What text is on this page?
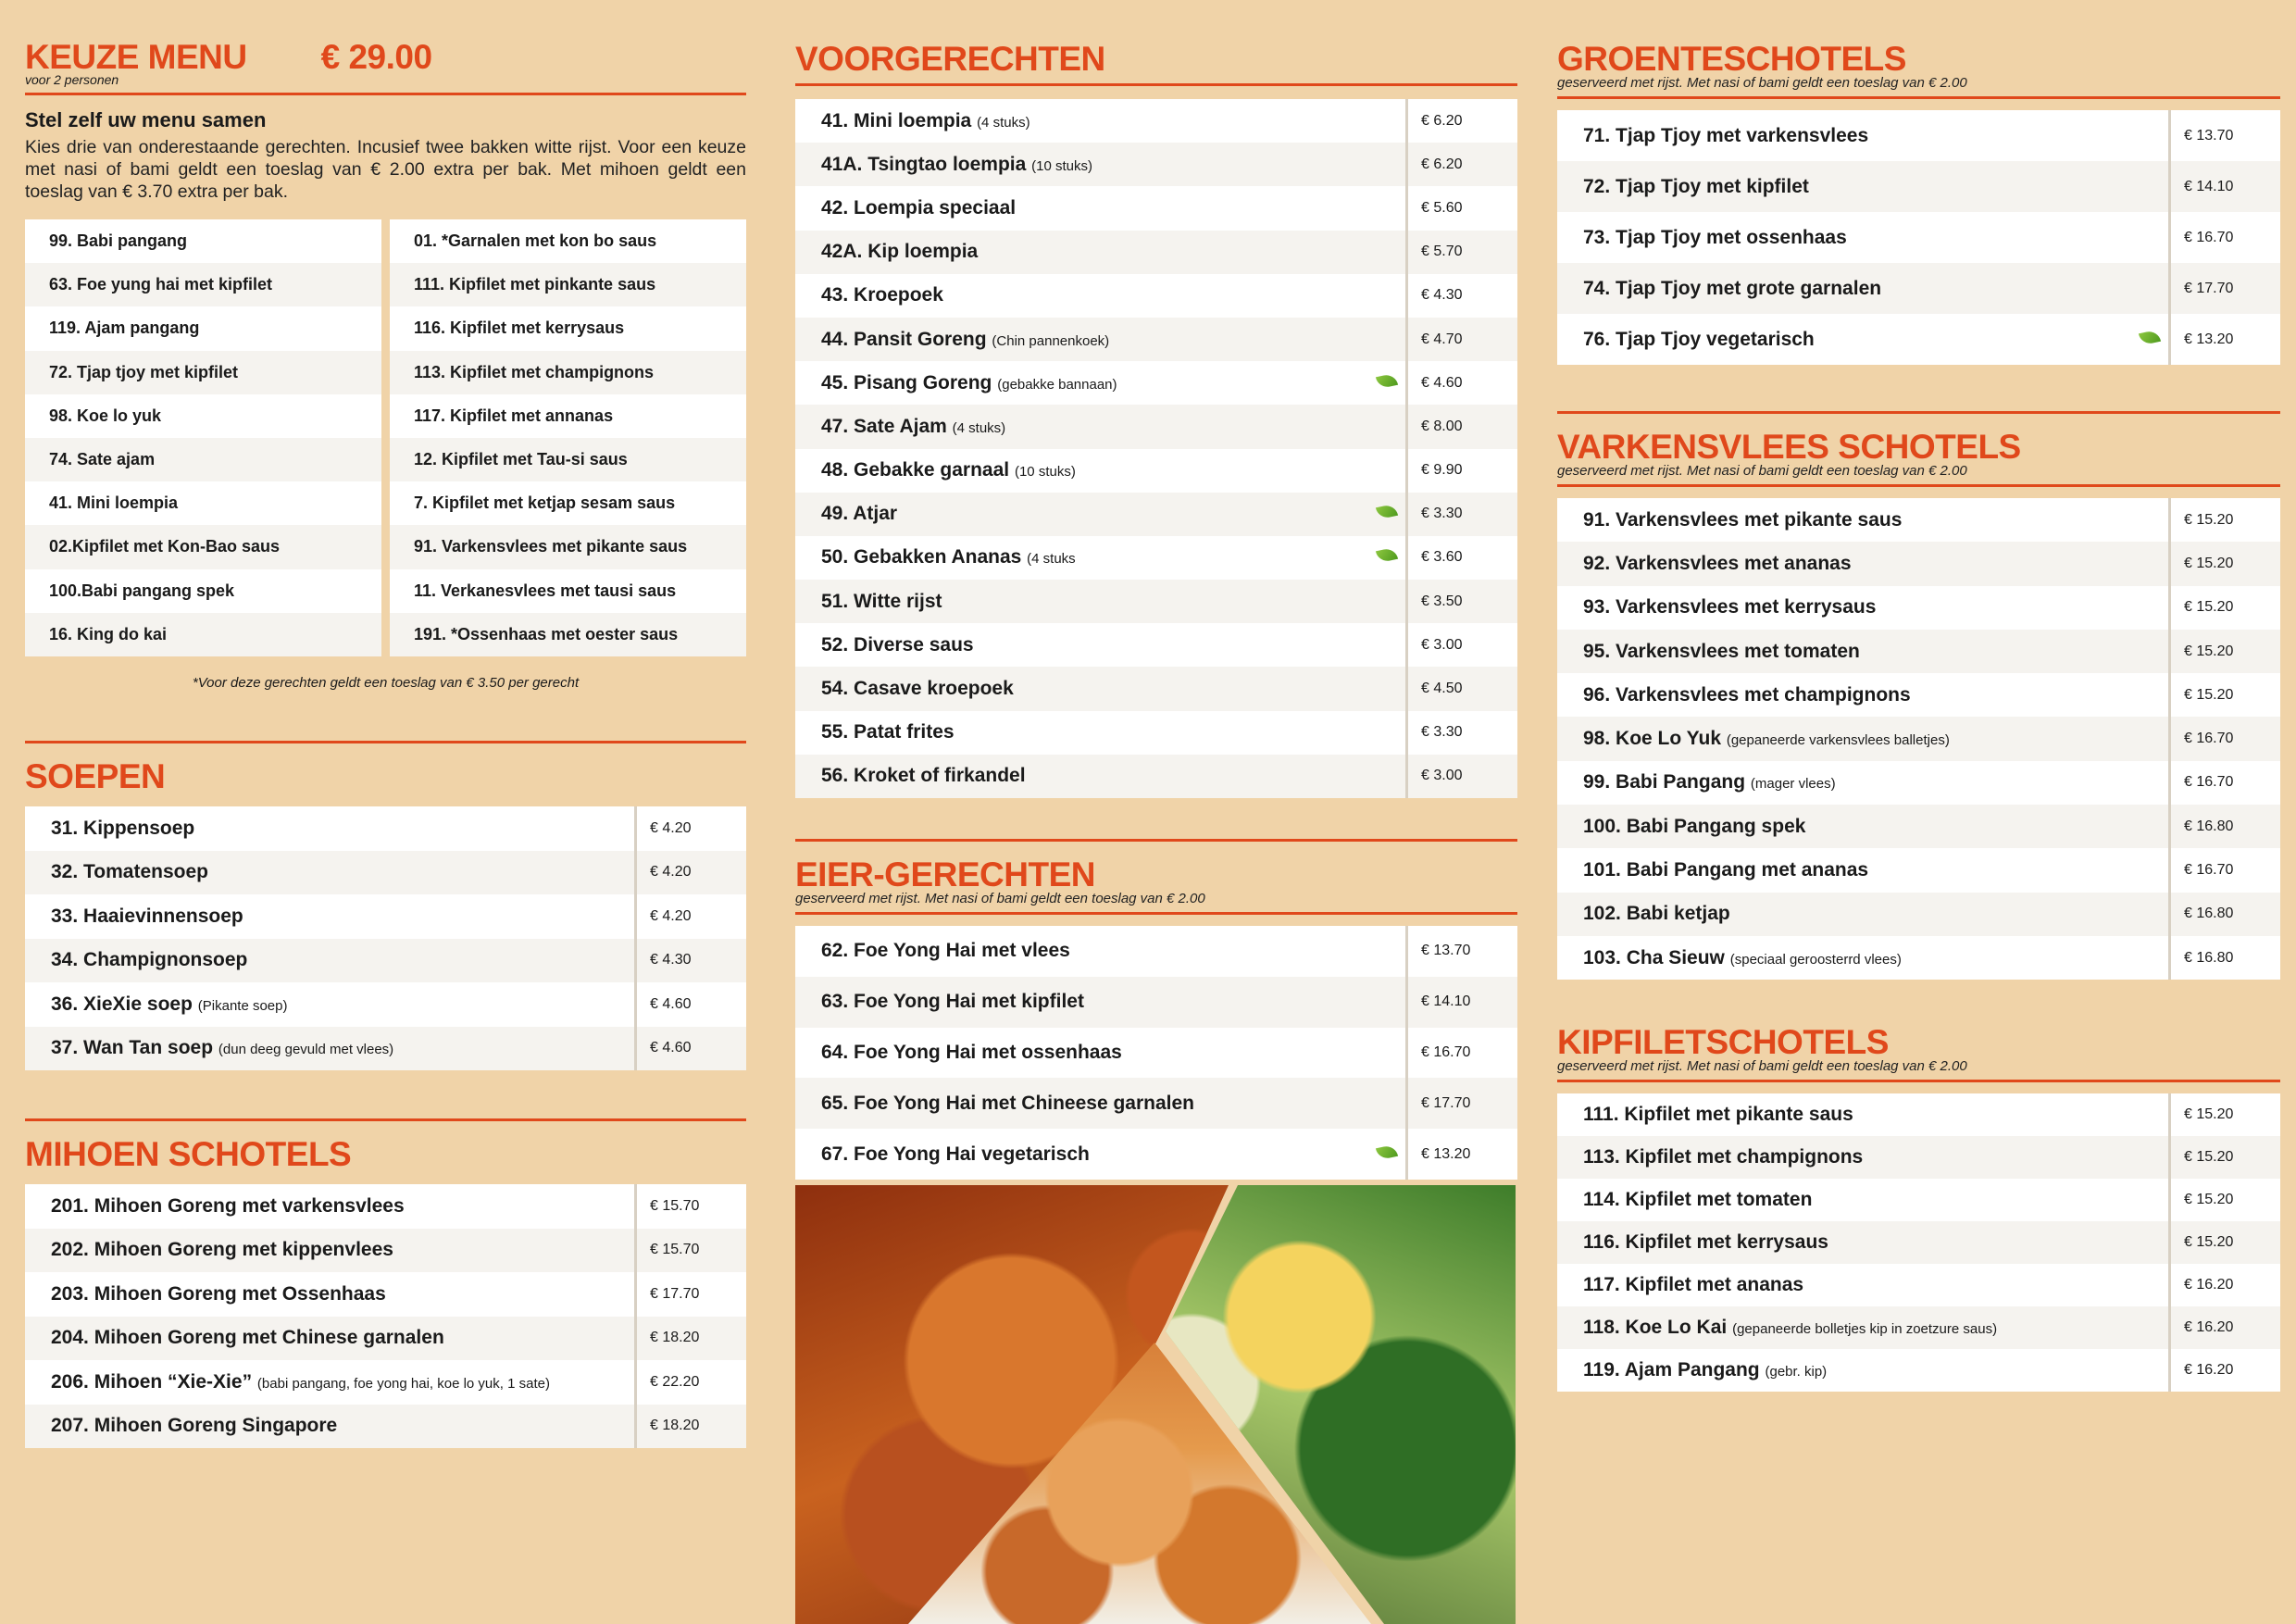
KEUZE MENU € 29.00
voor 2 personen
Stel zelf uw menu samen
Kies drie van onderestaande gerechten. Incusief twee bakken witte rijst. Voor een keuze met nasi of bami geldt een toeslag van € 2.00 extra per bak. Met mihoen geldt een toeslag van € 3.70 extra per bak.
99. Babi pangang
63. Foe yung hai met kipfilet
119. Ajam pangang
72. Tjap tjoy met kipfilet
98. Koe lo yuk
74. Sate ajam
41. Mini loempia
02.Kipfilet met Kon-Bao saus
100.Babi pangang spek
16. King do kai
01. *Garnalen met kon bo saus
111. Kipfilet met pinkante saus
116. Kipfilet met kerrysaus
113. Kipfilet met champignons
117. Kipfilet met annanas
12. Kipfilet met Tau-si saus
7. Kipfilet met ketjap sesam saus
91. Varkensvlees met pikante saus
11. Verkanesvlees met tausi saus
191. *Ossenhaas met oester saus
*Voor deze gerechten geldt een toeslag van € 3.50 per gerecht
SOEPEN
31. Kippensoep		€ 4.20
32. Tomatensoep		€ 4.20
33. Haaievinnensoep		€ 4.20
34. Champignonsoep		€ 4.30
36. XieXie soep (Pikante soep)		€ 4.60
37. Wan Tan soep (dun deeg gevuld met vlees)		€ 4.60
MIHOEN SCHOTELS
201. Mihoen Goreng met varkensvlees		€ 15.70
202. Mihoen Goreng met kippenvlees		€ 15.70
203. Mihoen Goreng met Ossenhaas		€ 17.70
204. Mihoen Goreng met Chinese garnalen		€ 18.20
206. Mihoen “Xie-Xie” (babi pangang, foe yong hai, koe lo yuk, 1 sate)		€ 22.20
207. Mihoen Goreng Singapore		€ 18.20
VOORGERECHTEN
41. Mini loempia (4 stuks)		€ 6.20
41A. Tsingtao loempia (10 stuks)		€ 6.20
42. Loempia speciaal		€ 5.60
42A. Kip loempia		€ 5.70
43. Kroepoek		€ 4.30
44. Pansit Goreng (Chin pannenkoek)		€ 4.70
45. Pisang Goreng (gebakke bannaan)		€ 4.60
47. Sate Ajam (4 stuks)		€ 8.00
48. Gebakke garnaal (10 stuks)		€ 9.90
49. Atjar		€ 3.30
50. Gebakken Ananas (4 stuks		€ 3.60
51. Witte rijst		€ 3.50
52. Diverse saus		€ 3.00
54. Casave kroepoek		€ 4.50
55. Patat frites		€ 3.30
56. Kroket of firkandel		€ 3.00
EIER-GERECHTEN
geserveerd met rijst. Met nasi of bami geldt een toeslag van € 2.00
62. Foe Yong Hai met vlees		€ 13.70
63. Foe Yong Hai met kipfilet		€ 14.10
64. Foe Yong Hai met ossenhaas		€ 16.70
65. Foe Yong Hai met Chineese garnalen		€ 17.70
67. Foe Yong Hai vegetarisch		€ 13.20
GROENTESCHOTELS
geserveerd met rijst. Met nasi of bami geldt een toeslag van € 2.00
71. Tjap Tjoy met varkensvlees		€ 13.70
72. Tjap Tjoy met kipfilet		€ 14.10
73. Tjap Tjoy met ossenhaas		€ 16.70
74. Tjap Tjoy met grote garnalen		€ 17.70
76. Tjap Tjoy vegetarisch		€ 13.20
VARKENSVLEES SCHOTELS
geserveerd met rijst. Met nasi of bami geldt een toeslag van € 2.00
91. Varkensvlees met pikante saus		€ 15.20
92. Varkensvlees met ananas		€ 15.20
93. Varkensvlees met kerrysaus		€ 15.20
95. Varkensvlees met tomaten		€ 15.20
96. Varkensvlees met champignons		€ 15.20
98. Koe Lo Yuk (gepaneerde varkensvlees balletjes)		€ 16.70
99. Babi Pangang (mager vlees)		€ 16.70
100. Babi Pangang spek		€ 16.80
101. Babi Pangang met ananas		€ 16.70
102. Babi ketjap		€ 16.80
103. Cha Sieuw (speciaal geroosterrd vlees)		€ 16.80
KIPFILETSCHOTELS
geserveerd met rijst. Met nasi of bami geldt een toeslag van € 2.00
111. Kipfilet met pikante saus		€ 15.20
113. Kipfilet met champignons		€ 15.20
114. Kipfilet met tomaten		€ 15.20
116. Kipfilet met kerrysaus		€ 15.20
117. Kipfilet met ananas		€ 16.20
118. Koe Lo Kai (gepaneerde bolletjes kip in zoetzure saus)		€ 16.20
119. Ajam Pangang (gebr. kip)		€ 16.20
